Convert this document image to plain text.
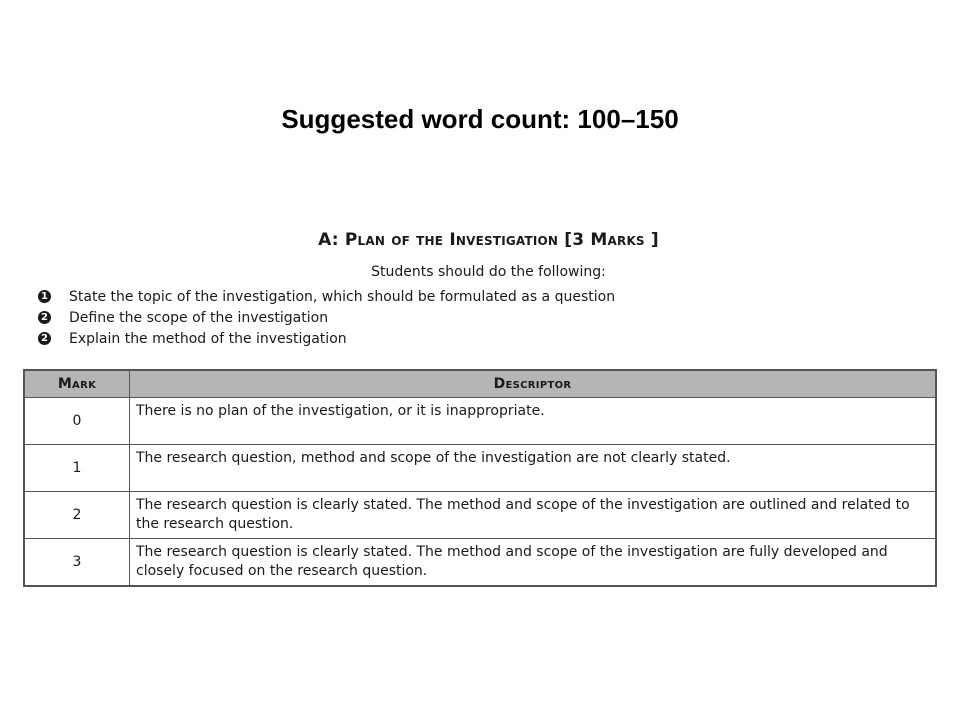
Suggested word count: 100–150
A: Plan of the Investigation [3 Marks ]

Students should do the following:

1 State the topic of the investigation, which should be formulated as a question
2 Define the scope of the investigation
2 Explain the method of the investigation
Mark	Descriptor
0	There is no plan of the investigation, or it is inappropriate.
1	The research question, method and scope of the investigation are not clearly stated.
2	The research question is clearly stated. The method and scope of the investigation are outlined and related to the research question.
3	The research question is clearly stated. The method and scope of the investigation are fully developed and closely focused on the research question.
